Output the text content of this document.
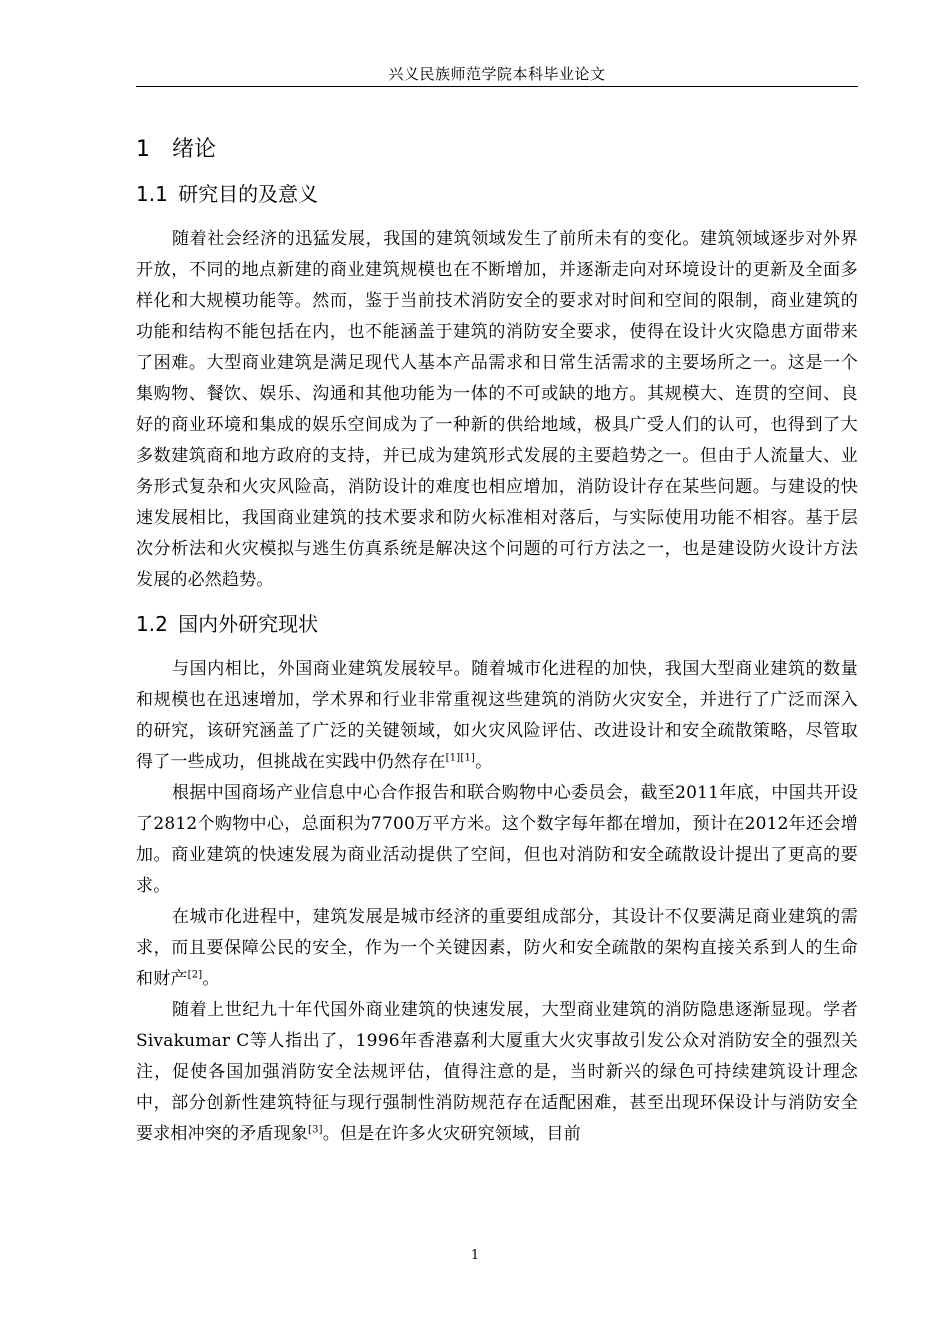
兴义民族师范学院本科毕业论文
1 绪论
1.1 研究目的及意义

随着社会经济的迅猛发展，我国的建筑领域发生了前所未有的变化。建筑领域逐步对外界开放，不同的地点新建的商业建筑规模也在不断增加，并逐渐走向对环境设计的更新及全面多样化和大规模功能等。然而，鉴于当前技术消防安全的要求对时间和空间的限制，商业建筑的功能和结构不能包括在内，也不能涵盖于建筑的消防安全要求，使得在设计火灾隐患方面带来了困难。大型商业建筑是满足现代人基本产品需求和日常生活需求的主要场所之一。这是一个集购物、餐饮、娱乐、沟通和其他功能为一体的不可或缺的地方。其规模大、连贯的空间、良好的商业环境和集成的娱乐空间成为了一种新的供给地域，极具广受人们的认可，也得到了大多数建筑商和地方政府的支持，并已成为建筑形式发展的主要趋势之一。但由于人流量大、业务形式复杂和火灾风险高，消防设计的难度也相应增加，消防设计存在某些问题。与建设的快速发展相比，我国商业建筑的技术要求和防火标准相对落后，与实际使用功能不相容。基于层次分析法和火灾模拟与逃生仿真系统是解决这个问题的可行方法之一，也是建设防火设计方法发展的必然趋势。

1.2 国内外研究现状

与国内相比，外国商业建筑发展较早。随着城市化进程的加快，我国大型商业建筑的数量和规模也在迅速增加，学术界和行业非常重视这些建筑的消防火灾安全，并进行了广泛而深入的研究，该研究涵盖了广泛的关键领域，如火灾风险评估、改进设计和安全疏散策略，尽管取得了一些成功，但挑战在实践中仍然存在[1][1]。

根据中国商场产业信息中心合作报告和联合购物中心委员会，截至2011年底，中国共开设了2812个购物中心，总面积为7700万平方米。这个数字每年都在增加，预计在2012年还会增加。商业建筑的快速发展为商业活动提供了空间，但也对消防和安全疏散设计提出了更高的要求。

在城市化进程中，建筑发展是城市经济的重要组成部分，其设计不仅要满足商业建筑的需求，而且要保障公民的安全，作为一个关键因素，防火和安全疏散的架构直接关系到人的生命和财产[2]。

随着上世纪九十年代国外商业建筑的快速发展，大型商业建筑的消防隐患逐渐显现。学者Sivakumar C等人指出了，1996年香港嘉利大厦重大火灾事故引发公众对消防安全的强烈关注，促使各国加强消防安全法规评估，值得注意的是，当时新兴的绿色可持续建筑设计理念中，部分创新性建筑特征与现行强制性消防规范存在适配困难，甚至出现环保设计与消防安全要求相冲突的矛盾现象[3]。但是在许多火灾研究领域，目前

1
